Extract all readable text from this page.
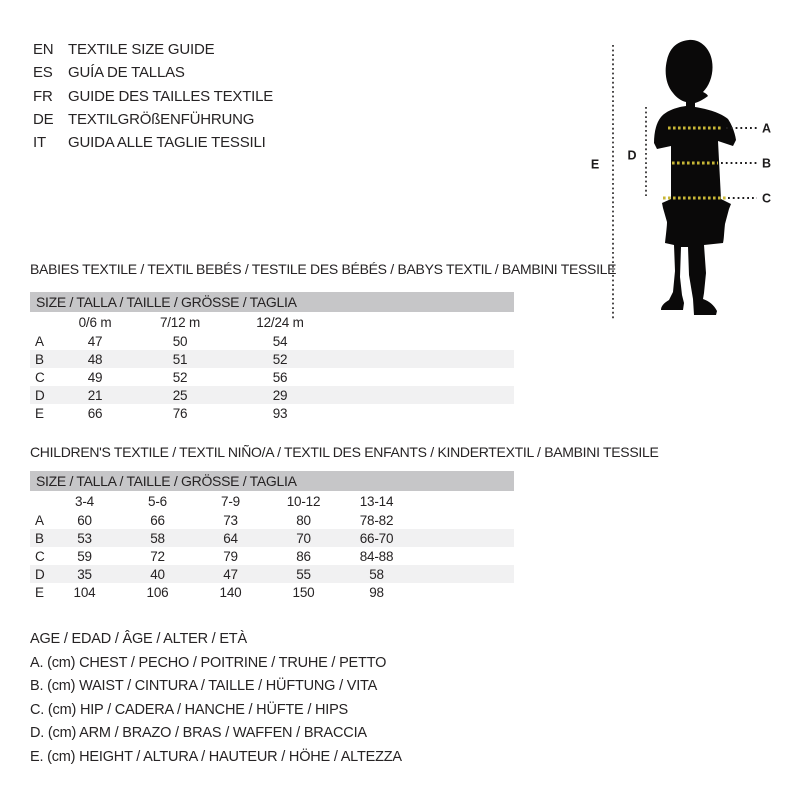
EN TEXTILE SIZE GUIDE
ES	GUÍA DE TALLAS
FR	GUIDE DES TAILLES TEXTILE
DE TEXTILGRÖßENFÜHRUNG
IT	GUIDA ALLE TAGLIE TESSILI
E
D
A
B
C
BABIES TEXTILE / TEXTIL BEBÉS / TESTILE DES BÉBÉS / BABYS TEXTIL / BAMBINI TESSILE
SIZE / TALLA / TAILLE / GRÖSSE / TAGLIA
	0/6 m	7/12 m	12/24 m	
A	47	50	54	
B	48	51	52	
C	49	52	56	
D	21	25	29	
E	66	76	93	
CHILDREN'S TEXTILE / TEXTIL NIÑO/A / TEXTIL DES ENFANTS / KINDERTEXTIL / BAMBINI TESSILE
SIZE / TALLA / TAILLE / GRÖSSE / TAGLIA
	3-4	5-6	7-9	10-12	13-14	
A	60	66	73	80	78-82	
B	53	58	64	70	66-70	
C	59	72	79	86	84-88	
D	35	40	47	55	58	
E	104	106	140	150	98	
AGE / EDAD / ÂGE / ALTER / ETÀ
A. (cm) CHEST / PECHO / POITRINE / TRUHE / PETTO
B. (cm) WAIST / CINTURA / TAILLE / HÜFTUNG / VITA
C. (cm) HIP / CADERA / HANCHE / HÜFTE / HIPS
D. (cm) ARM / BRAZO / BRAS / WAFFEN / BRACCIA
E. (cm) HEIGHT / ALTURA / HAUTEUR / HÖHE / ALTEZZA
